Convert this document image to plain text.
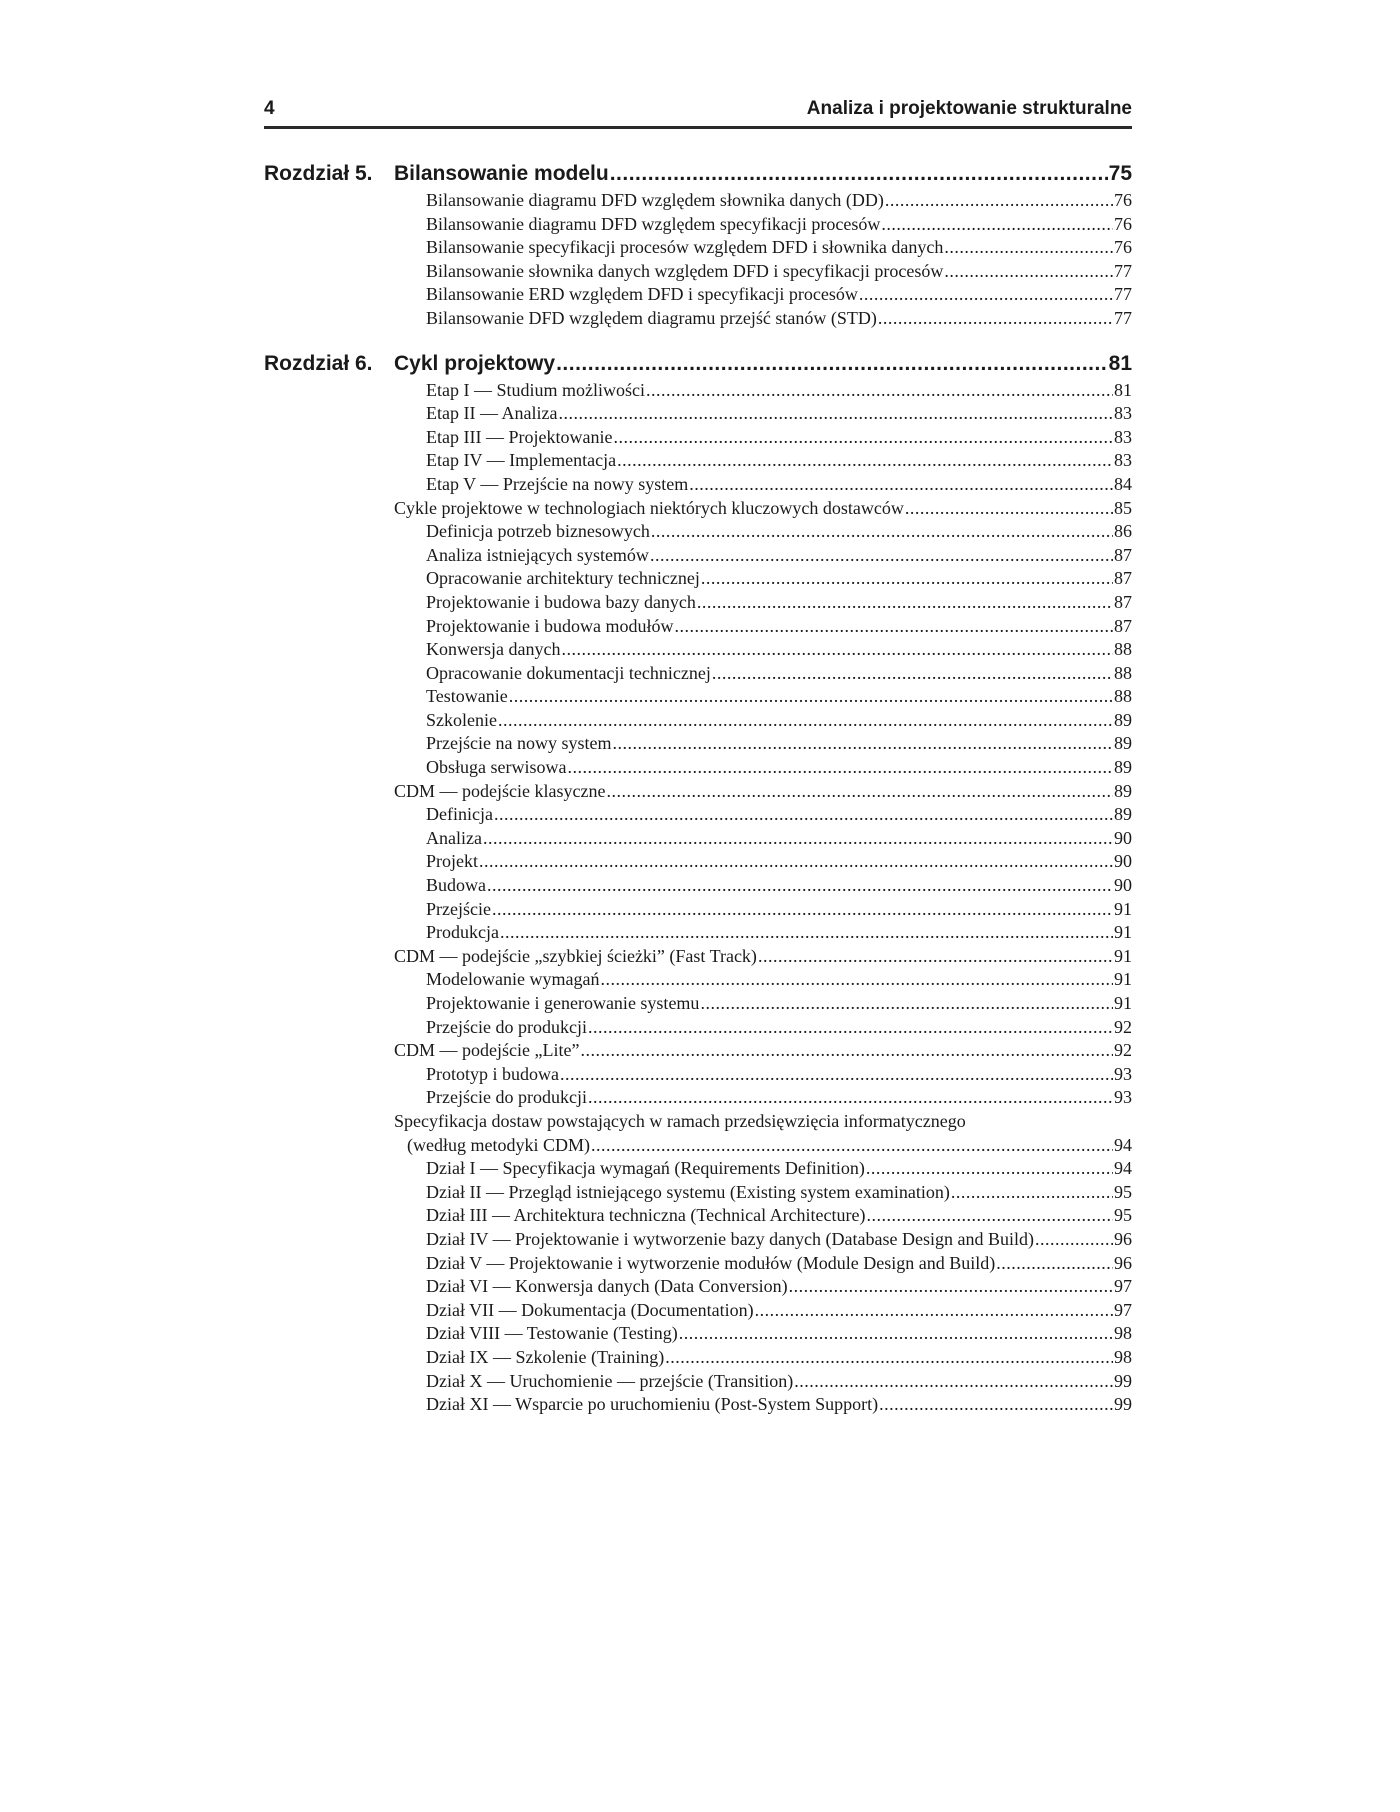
4	Analiza i projektowanie strukturalne
Rozdział 5. Bilansowanie modelu .....	75
Bilansowanie diagramu DFD względem słownika danych (DD) .....	76
Bilansowanie diagramu DFD względem specyfikacji procesów .....	76
Bilansowanie specyfikacji procesów względem DFD i słownika danych .....	76
Bilansowanie słownika danych względem DFD i specyfikacji procesów .....	77
Bilansowanie ERD względem DFD i specyfikacji procesów .....	77
Bilansowanie DFD względem diagramu przejść stanów (STD) .....	77
Rozdział 6. Cykl projektowy .....	81
Etap I — Studium możliwości .....	81
Etap II — Analiza .....	83
Etap III — Projektowanie .....	83
Etap IV — Implementacja .....	83
Etap V — Przejście na nowy system .....	84
Cykle projektowe w technologiach niektórych kluczowych dostawców .....	85
Definicja potrzeb biznesowych .....	86
Analiza istniejących systemów .....	87
Opracowanie architektury technicznej .....	87
Projektowanie i budowa bazy danych .....	87
Projektowanie i budowa modułów .....	87
Konwersja danych .....	88
Opracowanie dokumentacji technicznej .....	88
Testowanie .....	88
Szkolenie .....	89
Przejście na nowy system .....	89
Obsługa serwisowa .....	89
CDM — podejście klasyczne .....	89
Definicja .....	89
Analiza .....	90
Projekt .....	90
Budowa .....	90
Przejście .....	91
Produkcja .....	91
CDM — podejście „szybkiej ścieżki” (Fast Track) .....	91
Modelowanie wymagań .....	91
Projektowanie i generowanie systemu .....	91
Przejście do produkcji .....	92
CDM — podejście „Lite” .....	92
Prototyp i budowa .....	93
Przejście do produkcji .....	93
Specyfikacja dostaw powstających w ramach przedsięwzięcia informatycznego
(według metodyki CDM) .....	94
Dział I — Specyfikacja wymagań (Requirements Definition) .....	94
Dział II — Przegląd istniejącego systemu (Existing system examination) .....	95
Dział III — Architektura techniczna (Technical Architecture) .....	95
Dział IV — Projektowanie i wytworzenie bazy danych (Database Design and Build) .....	96
Dział V — Projektowanie i wytworzenie modułów (Module Design and Build) .....	96
Dział VI — Konwersja danych (Data Conversion) .....	97
Dział VII — Dokumentacja (Documentation) .....	97
Dział VIII — Testowanie (Testing) .....	98
Dział IX — Szkolenie (Training) .....	98
Dział X — Uruchomienie — przejście (Transition) .....	99
Dział XI — Wsparcie po uruchomieniu (Post-System Support) .....	99
